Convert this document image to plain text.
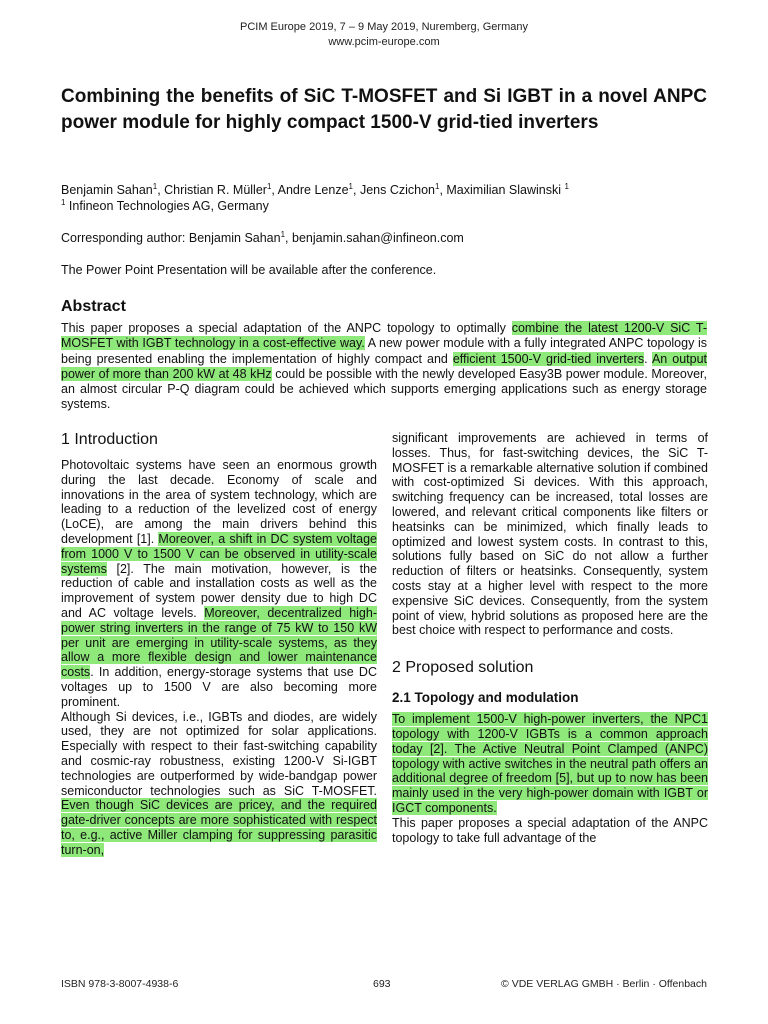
PCIM Europe 2019, 7 – 9 May 2019, Nuremberg, Germany
www.pcim-europe.com
Combining the benefits of SiC T-MOSFET and Si IGBT in a novel ANPC power module for highly compact 1500-V grid-tied inverters
Benjamin Sahan$^1$, Christian R. Müller$^1$, Andre Lenze$^1$, Jens Czichon$^1$, Maximilian Slawinski $^1$
$^1$ Infineon Technologies AG, Germany
Corresponding author: Benjamin Sahan$^1$, benjamin.sahan@infineon.com
The Power Point Presentation will be available after the conference.
Abstract
This paper proposes a special adaptation of the ANPC topology to optimally combine the latest 1200-V SiC T-MOSFET with IGBT technology in a cost-effective way. A new power module with a fully integrated ANPC topology is being presented enabling the implementation of highly compact and efficient 1500-V grid-tied inverters. An output power of more than 200 kW at 48 kHz could be possible with the newly developed Easy3B power module. Moreover, an almost circular P-Q diagram could be achieved which supports emerging applications such as energy storage systems.
1 Introduction

Photovoltaic systems have seen an enormous growth during the last decade. Economy of scale and innovations in the area of system technology, which are leading to a reduction of the levelized cost of energy (LoCE), are among the main drivers behind this development [1]. Moreover, a shift in DC system voltage from 1000 V to 1500 V can be observed in utility-scale systems [2]. The main motivation, however, is the reduction of cable and installation costs as well as the improvement of system power density due to high DC and AC voltage levels. Moreover, decentralized high-power string inverters in the range of 75 kW to 150 kW per unit are emerging in utility-scale systems, as they allow a more flexible design and lower maintenance costs. In addition, energy-storage systems that use DC voltages up to 1500 V are also becoming more prominent.

Although Si devices, i.e., IGBTs and diodes, are widely used, they are not optimized for solar applications. Especially with respect to their fast-switching capability and cosmic-ray robustness, existing 1200-V Si-IGBT technologies are outperformed by wide-bandgap power semiconductor technologies such as SiC T-MOSFET. Even though SiC devices are pricey, and the required gate-driver concepts are more sophisticated with respect to, e.g., active Miller clamping for suppressing parasitic turn-on,

significant improvements are achieved in terms of losses. Thus, for fast-switching devices, the SiC T-MOSFET is a remarkable alternative solution if combined with cost-optimized Si devices. With this approach, switching frequency can be increased, total losses are lowered, and relevant critical components like filters or heatsinks can be minimized, which finally leads to optimized and lowest system costs. In contrast to this, solutions fully based on SiC do not allow a further reduction of filters or heatsinks. Consequently, system costs stay at a higher level with respect to the more expensive SiC devices. Consequently, from the system point of view, hybrid solutions as proposed here are the best choice with respect to performance and costs.

2 Proposed solution
2.1 Topology and modulation

To implement 1500-V high-power inverters, the NPC1 topology with 1200-V IGBTs is a common approach today [2]. The Active Neutral Point Clamped (ANPC) topology with active switches in the neutral path offers an additional degree of freedom [5], but up to now has been mainly used in the very high-power domain with IGBT or IGCT components.

This paper proposes a special adaptation of the ANPC topology to take full advantage of the

ISBN 978-3-8007-4938-6	693	© VDE VERLAG GMBH · Berlin · Offenbach
